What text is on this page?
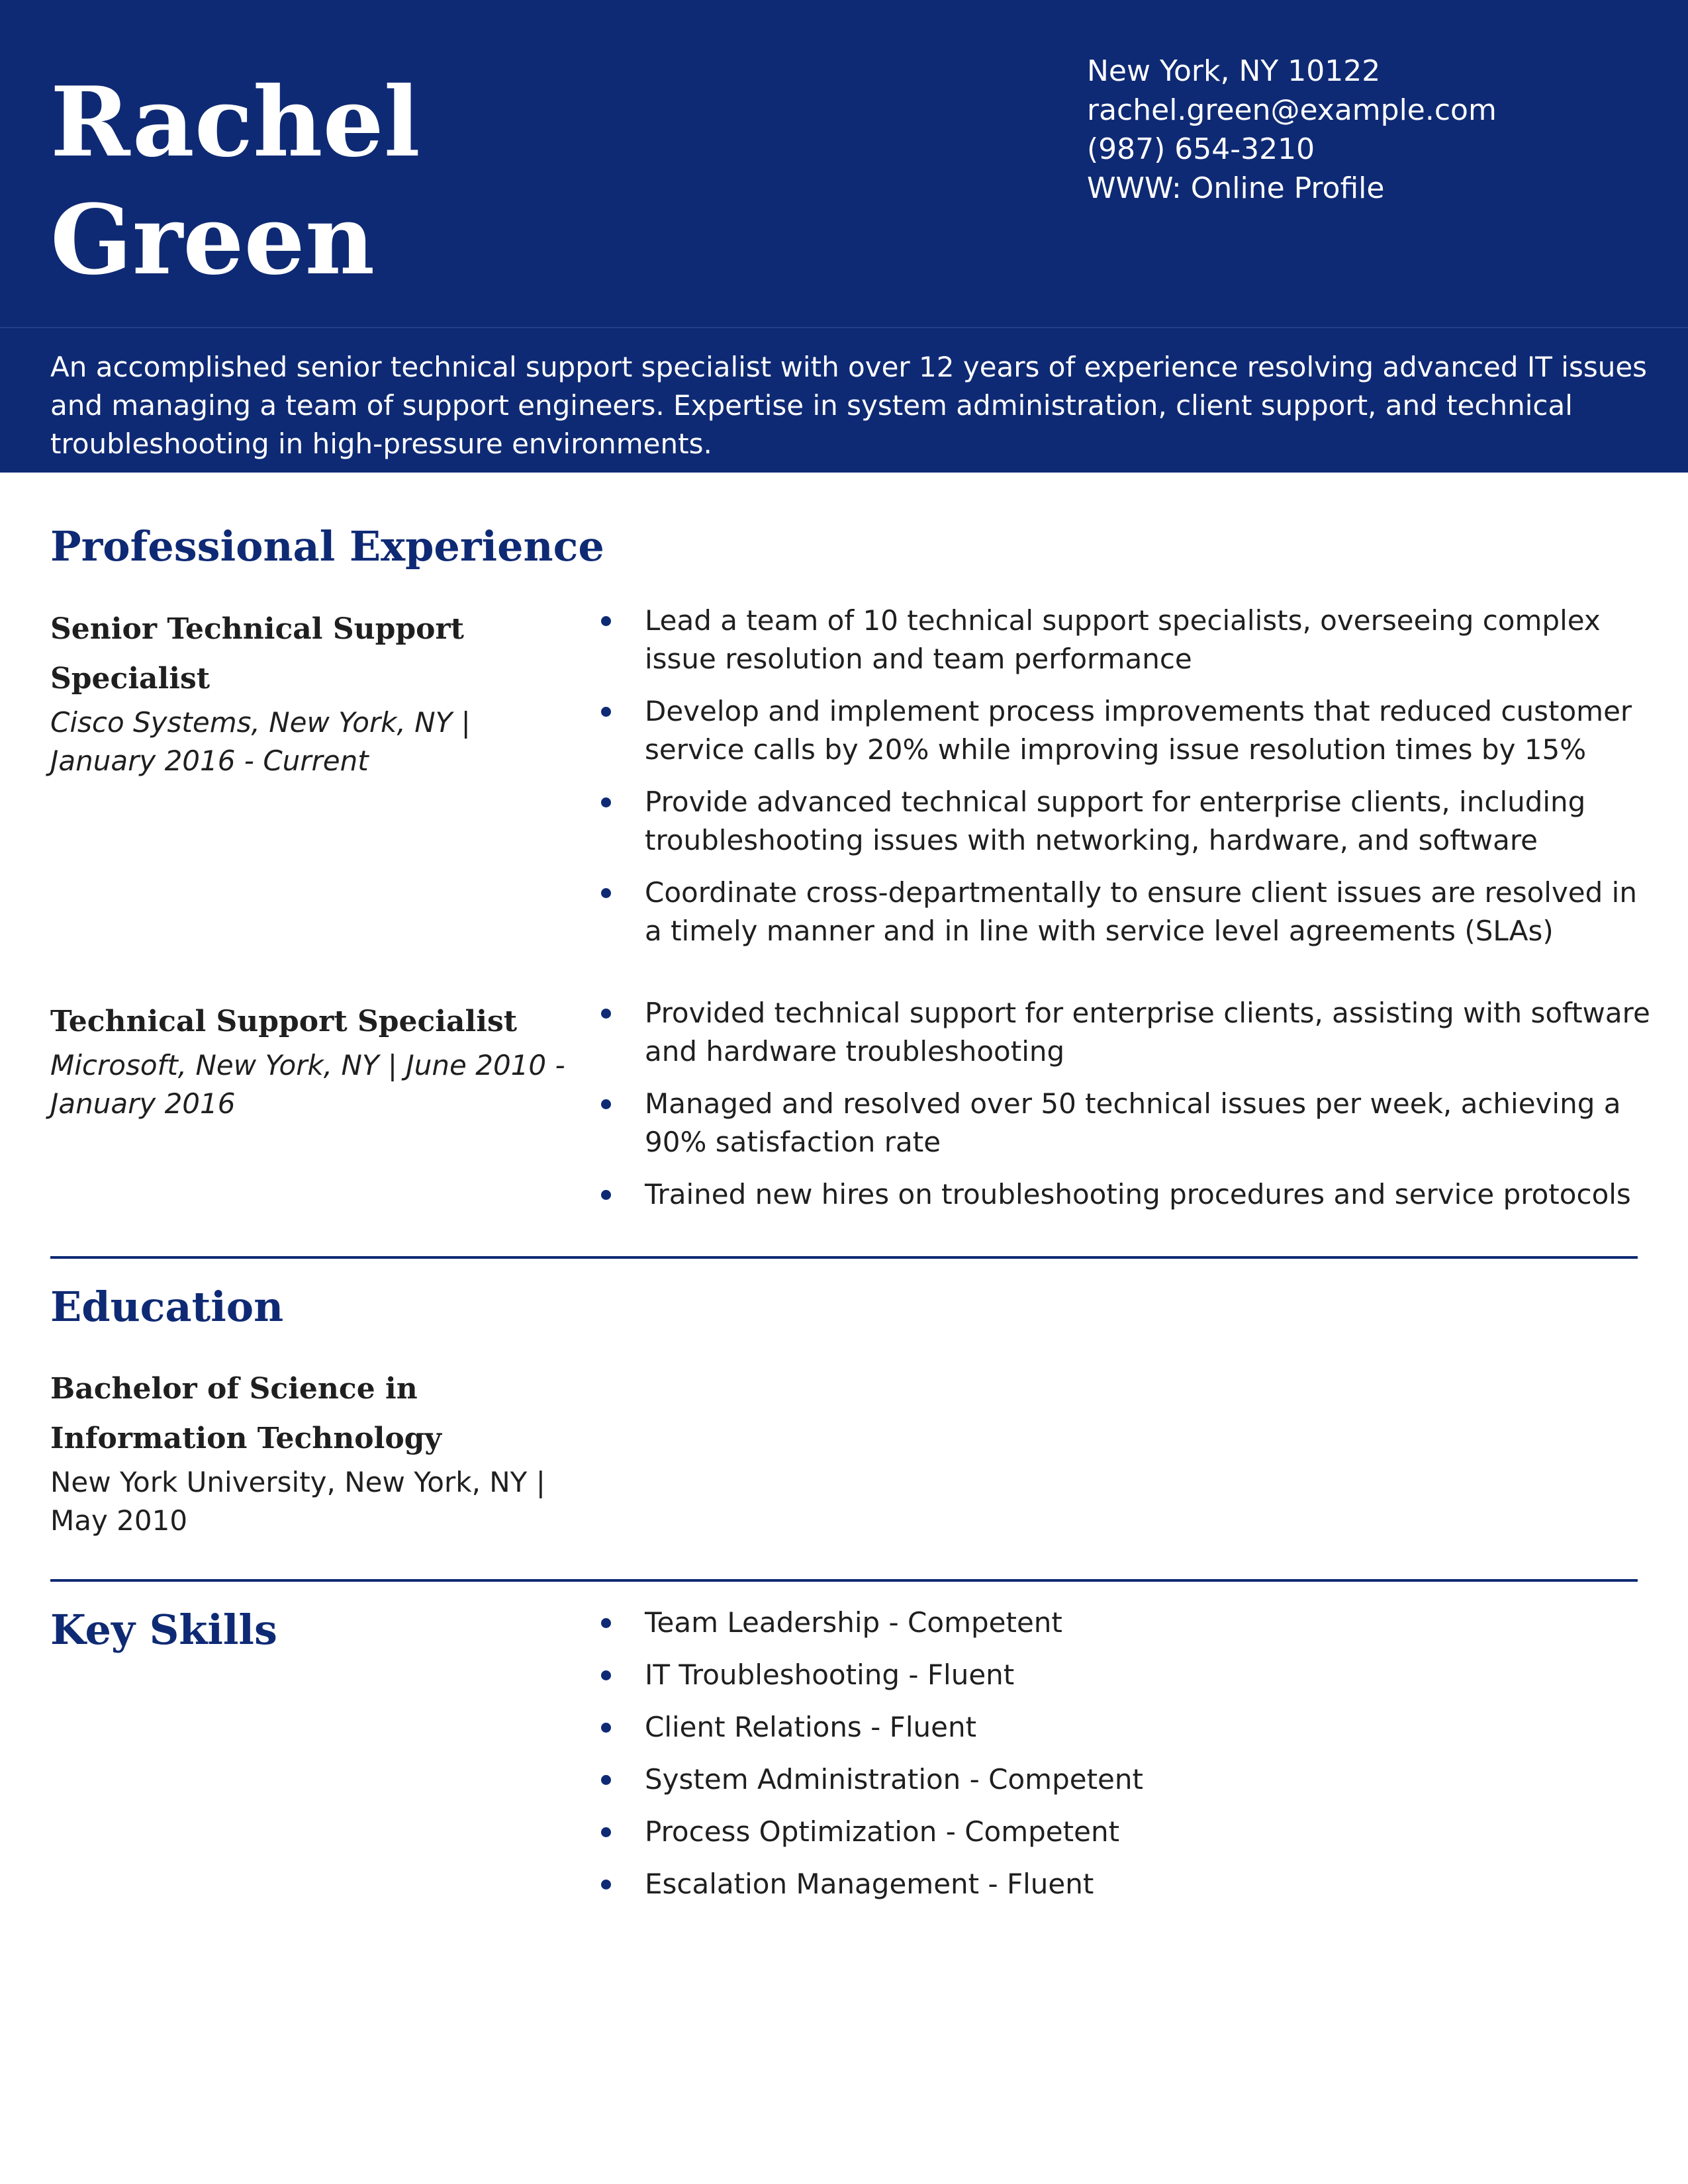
Rachel
Green
New York, NY 10122
rachel.green@example.com
(987) 654-3210
WWW: Online Profile
An accomplished senior technical support specialist with over 12 years of experience resolving advanced IT issues and managing a team of support engineers. Expertise in system administration, client support, and technical troubleshooting in high-pressure environments.
Professional Experience
Senior Technical Support Specialist
Cisco Systems, New York, NY | January 2016 - Current
Lead a team of 10 technical support specialists, overseeing complex issue resolution and team performance
Develop and implement process improvements that reduced customer service calls by 20% while improving issue resolution times by 15%
Provide advanced technical support for enterprise clients, including troubleshooting issues with networking, hardware, and software
Coordinate cross-departmentally to ensure client issues are resolved in a timely manner and in line with service level agreements (SLAs)
Technical Support Specialist
Microsoft, New York, NY | June 2010 - January 2016
Provided technical support for enterprise clients, assisting with software and hardware troubleshooting
Managed and resolved over 50 technical issues per week, achieving a 90% satisfaction rate
Trained new hires on troubleshooting procedures and service protocols
Education
Bachelor of Science in Information Technology
New York University, New York, NY | May 2010
Key Skills	Team Leadership - Competent
IT Troubleshooting - Fluent
Client Relations - Fluent
System Administration - Competent
Process Optimization - Competent
Escalation Management - Fluent
